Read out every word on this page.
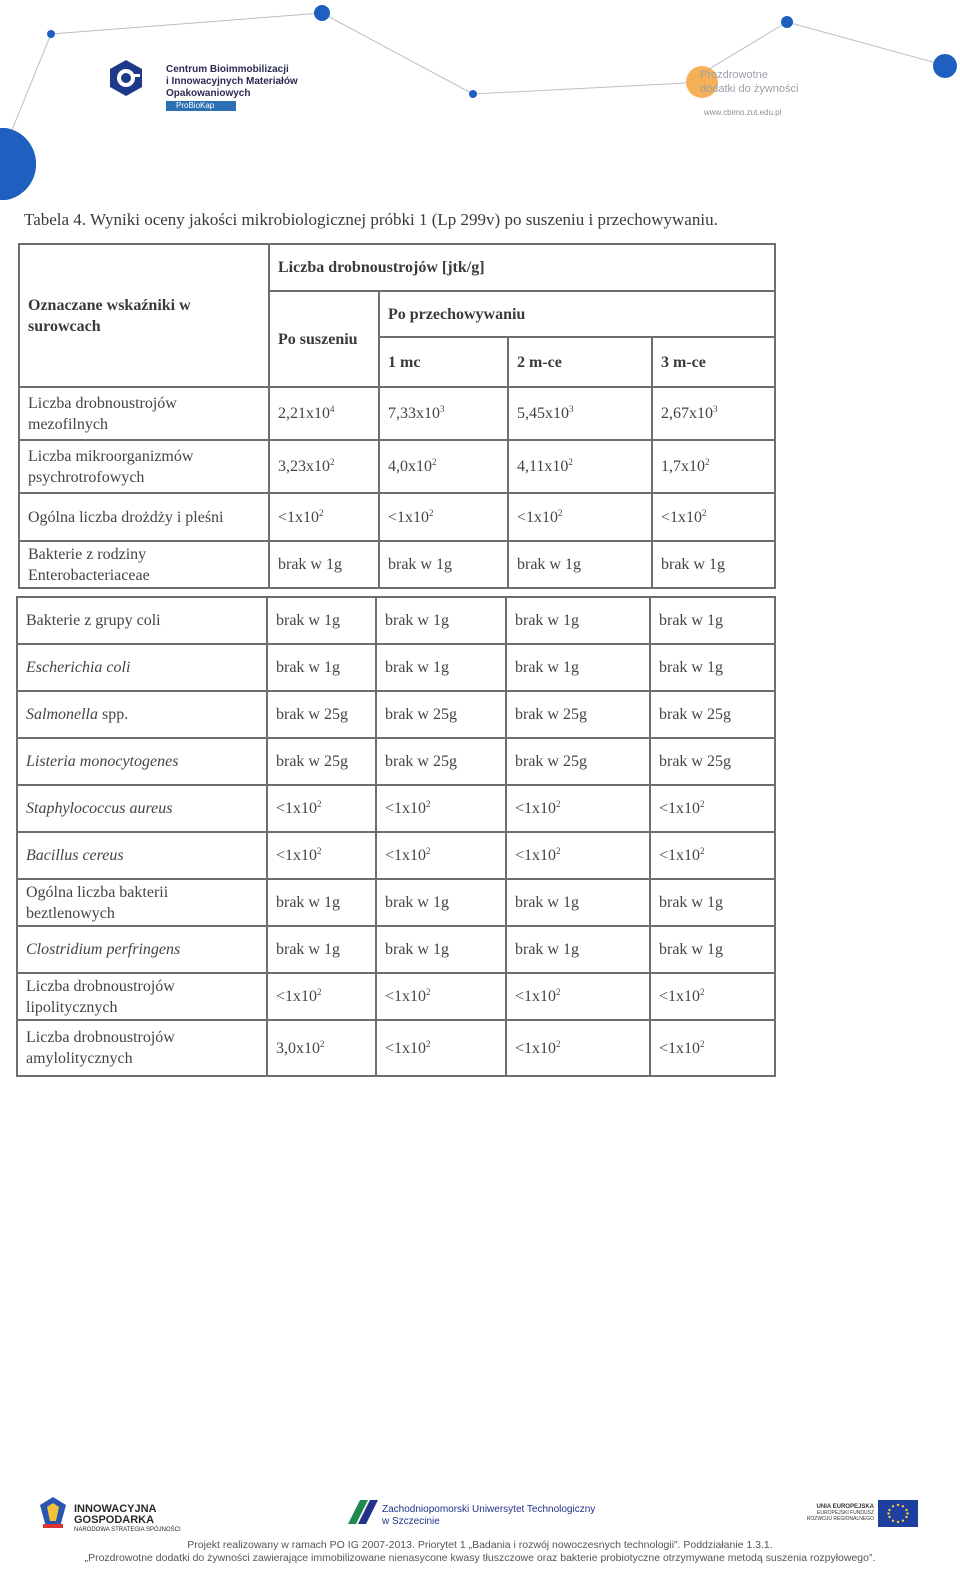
Centrum Bioimmobilizacji
i Innowacyjnych Materiałów
Opakowaniowych
ProBioKap
Prozdrowotne
dodatki do żywności
www.cbimo.zut.edu.pl
Tabela 4. Wyniki oceny jakości mikrobiologicznej próbki 1 (Lp 299v) po suszeniu i przechowywaniu.
Oznaczane wskaźniki w surowcach	Liczba drobnoustrojów [jtk/g]			
	Po suszeniu	Po przechowywaniu		
		1 mc	2 m-ce	3 m-ce
Liczba drobnoustrojów mezofilnych	$2,21x10^4$	$7,33x10^3$	$5,45x10^3$	$2,67x10^3$
Liczba mikroorganizmów psychrotrofowych	$3,23x10^2$	$4,0x10^2$	$4,11x10^2$	$1,7x10^2$
Ogólna liczba drożdży i pleśni	$<1x10^2$	$<1x10^2$	$<1x10^2$	$<1x10^2$
Bakterie z rodziny Enterobacteriaceae	brak w 1g	brak w 1g	brak w 1g	brak w 1g
Bakterie z grupy coli	brak w 1g	brak w 1g	brak w 1g	brak w 1g
Escherichia coli	brak w 1g	brak w 1g	brak w 1g	brak w 1g
Salmonella spp.	brak w 25g	brak w 25g	brak w 25g	brak w 25g
Listeria monocytogenes	brak w 25g	brak w 25g	brak w 25g	brak w 25g
Staphylococcus aureus	$<1x10^2$	$<1x10^2$	$<1x10^2$	$<1x10^2$
Bacillus cereus	$<1x10^2$	$<1x10^2$	$<1x10^2$	$<1x10^2$
Ogólna liczba bakterii beztlenowych	brak w 1g	brak w 1g	brak w 1g	brak w 1g
Clostridium perfringens	brak w 1g	brak w 1g	brak w 1g	brak w 1g
Liczba drobnoustrojów lipolitycznych	$<1x10^2$	$<1x10^2$	$<1x10^2$	$<1x10^2$
Liczba drobnoustrojów amylolitycznych	$3,0x10^2$	$<1x10^2$	$<1x10^2$	$<1x10^2$
INNOWACYJNA
GOSPODARKA
NARODOWA STRATEGIA SPÓJNOŚCI
Zachodniopomorski Uniwersytet Technologiczny
w Szczecinie
UNIA EUROPEJSKA
EUROPEJSKI FUNDUSZ
ROZWOJU REGIONALNEGO
Projekt realizowany w ramach PO IG 2007-2013. Priorytet 1 „Badania i rozwój nowoczesnych technologii”. Poddziałanie 1.3.1.
„Prozdrowotne dodatki do żywności zawierające immobilizowane nienasycone kwasy tłuszczowe oraz bakterie probiotyczne otrzymywane metodą suszenia rozpyłowego”.
